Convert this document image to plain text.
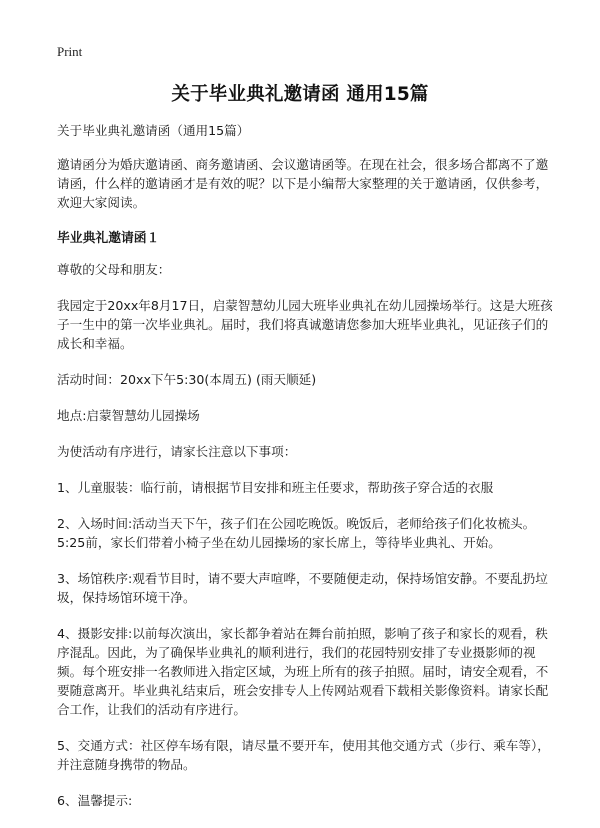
Print
关于毕业典礼邀请函 通用15篇

关于毕业典礼邀请函（通用15篇）

邀请函分为婚庆邀请函、商务邀请函、会议邀请函等。在现在社会，很多场合都离不了邀请函，什么样的邀请函才是有效的呢？以下是小编帮大家整理的关于邀请函，仅供参考，欢迎大家阅读。

毕业典礼邀请函１

尊敬的父母和朋友：

我园定于20xx年8月17日，启蒙智慧幼儿园大班毕业典礼在幼儿园操场举行。这是大班孩子一生中的第一次毕业典礼。届时，我们将真诚邀请您参加大班毕业典礼，见证孩子们的成长和幸福。

活动时间：20xx下午5:30(本周五) (雨天顺延)

地点:启蒙智慧幼儿园操场

为使活动有序进行，请家长注意以下事项：

1、儿童服装：临行前，请根据节目安排和班主任要求，帮助孩子穿合适的衣服

2、入场时间:活动当天下午，孩子们在公园吃晚饭。晚饭后，老师给孩子们化妆梳头。5:25前，家长们带着小椅子坐在幼儿园操场的家长席上，等待毕业典礼、开始。

3、场馆秩序:观看节目时，请不要大声喧哗，不要随便走动，保持场馆安静。不要乱扔垃圾，保持场馆环境干净。

4、摄影安排:以前每次演出，家长都争着站在舞台前拍照，影响了孩子和家长的观看，秩序混乱。因此，为了确保毕业典礼的顺利进行，我们的花园特别安排了专业摄影师的视频。每个班安排一名教师进入指定区域，为班上所有的孩子拍照。届时，请安全观看，不要随意离开。毕业典礼结束后，班会安排专人上传网站观看下载相关影像资料。请家长配合工作，让我们的活动有序进行。

5、交通方式：社区停车场有限，请尽量不要开车，使用其他交通方式（步行、乘车等），并注意随身携带的物品。

6、温馨提示:
